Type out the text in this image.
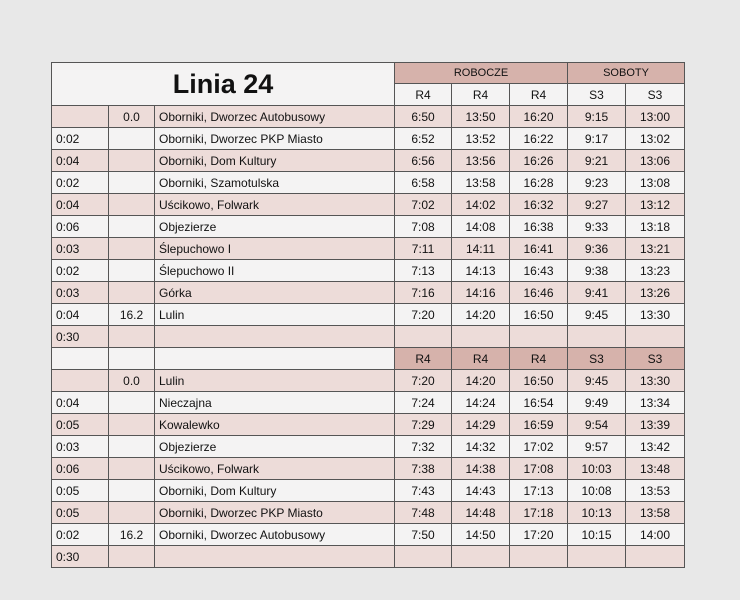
Linia 24			ROBOCZE			SOBOTY	
			R4	R4	R4	S3	S3
	0.0	Oborniki, Dworzec Autobusowy	6:50	13:50	16:20	9:15	13:00
0:02		Oborniki, Dworzec PKP Miasto	6:52	13:52	16:22	9:17	13:02
0:04		Oborniki, Dom Kultury	6:56	13:56	16:26	9:21	13:06
0:02		Oborniki, Szamotulska	6:58	13:58	16:28	9:23	13:08
0:04		Uścikowo, Folwark	7:02	14:02	16:32	9:27	13:12
0:06		Objezierze	7:08	14:08	16:38	9:33	13:18
0:03		Ślepuchowo I	7:11	14:11	16:41	9:36	13:21
0:02		Ślepuchowo II	7:13	14:13	16:43	9:38	13:23
0:03		Górka	7:16	14:16	16:46	9:41	13:26
0:04	16.2	Lulin	7:20	14:20	16:50	9:45	13:30
0:30							
			R4	R4	R4	S3	S3
	0.0	Lulin	7:20	14:20	16:50	9:45	13:30
0:04		Nieczajna	7:24	14:24	16:54	9:49	13:34
0:05		Kowalewko	7:29	14:29	16:59	9:54	13:39
0:03		Objezierze	7:32	14:32	17:02	9:57	13:42
0:06		Uścikowo, Folwark	7:38	14:38	17:08	10:03	13:48
0:05		Oborniki, Dom Kultury	7:43	14:43	17:13	10:08	13:53
0:05		Oborniki, Dworzec PKP Miasto	7:48	14:48	17:18	10:13	13:58
0:02	16.2	Oborniki, Dworzec Autobusowy	7:50	14:50	17:20	10:15	14:00
0:30							
